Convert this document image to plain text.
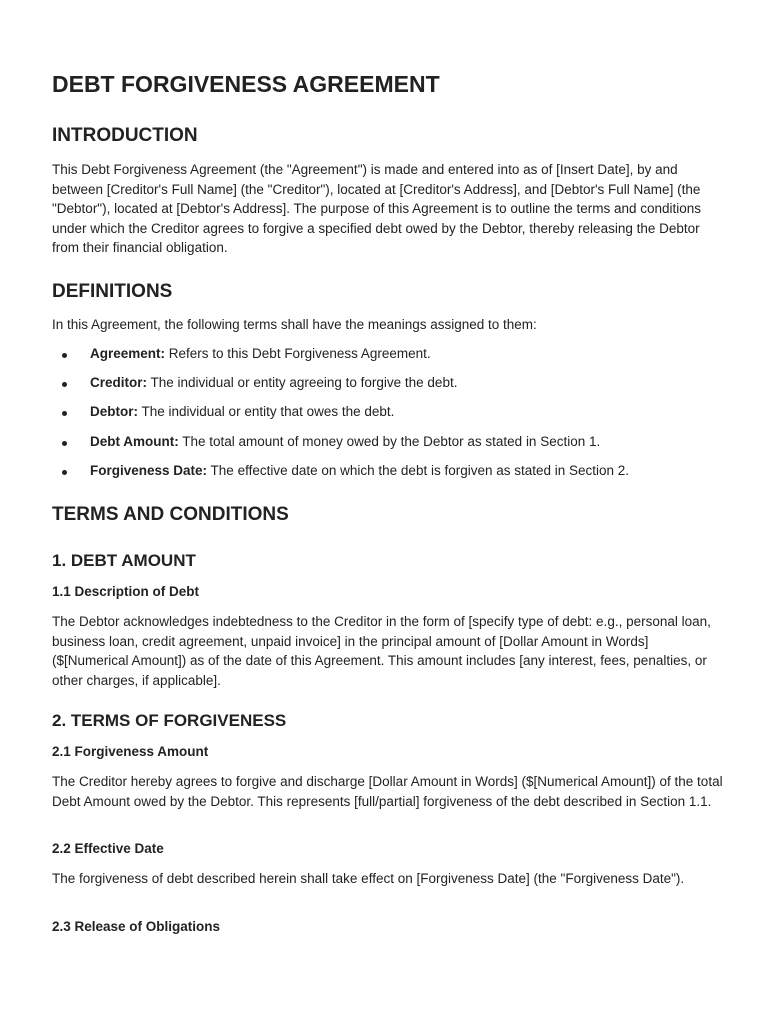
DEBT FORGIVENESS AGREEMENT
INTRODUCTION

This Debt Forgiveness Agreement (the "Agreement") is made and entered into as of [Insert Date], by and between [Creditor's Full Name] (the "Creditor"), located at [Creditor's Address], and [Debtor's Full Name] (the "Debtor"), located at [Debtor's Address]. The purpose of this Agreement is to outline the terms and conditions under which the Creditor agrees to forgive a specified debt owed by the Debtor, thereby releasing the Debtor from their financial obligation.

DEFINITIONS

In this Agreement, the following terms shall have the meanings assigned to them:

Agreement: Refers to this Debt Forgiveness Agreement.
Creditor: The individual or entity agreeing to forgive the debt.
Debtor: The individual or entity that owes the debt.
Debt Amount: The total amount of money owed by the Debtor as stated in Section 1.
Forgiveness Date: The effective date on which the debt is forgiven as stated in Section 2.
TERMS AND CONDITIONS
1. DEBT AMOUNT
1.1 Description of Debt

The Debtor acknowledges indebtedness to the Creditor in the form of [specify type of debt: e.g., personal loan, business loan, credit agreement, unpaid invoice] in the principal amount of [Dollar Amount in Words] ($[Numerical Amount]) as of the date of this Agreement. This amount includes [any interest, fees, penalties, or other charges, if applicable].

2. TERMS OF FORGIVENESS
2.1 Forgiveness Amount

The Creditor hereby agrees to forgive and discharge [Dollar Amount in Words] ($[Numerical Amount]) of the total Debt Amount owed by the Debtor. This represents [full/partial] forgiveness of the debt described in Section 1.1.

2.2 Effective Date

The forgiveness of debt described herein shall take effect on [Forgiveness Date] (the "Forgiveness Date").

2.3 Release of Obligations
